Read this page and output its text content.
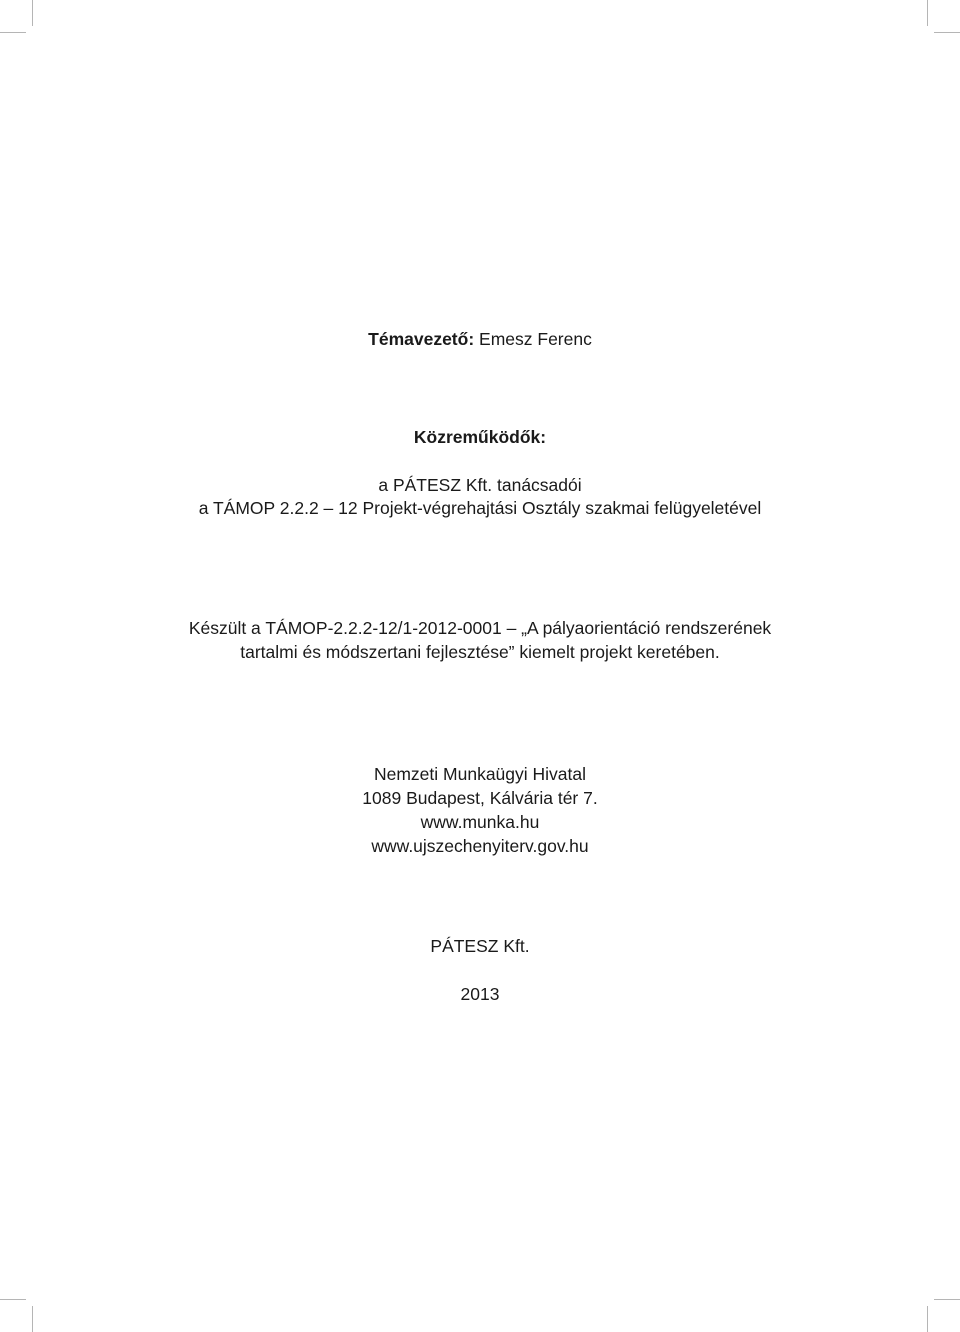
Témavezető: Emesz Ferenc
Közreműködők:
a PÁTESZ Kft. tanácsadói
a TÁMOP 2.2.2 – 12 Projekt-végrehajtási Osztály szakmai felügyeletével
Készült a TÁMOP-2.2.2-12/1-2012-0001 – „A pályaorientáció rendszerének
tartalmi és módszertani fejlesztése” kiemelt projekt keretében.
Nemzeti Munkaügyi Hivatal
1089 Budapest, Kálvária tér 7.
www.munka.hu
www.ujszechenyiterv.gov.hu
PÁTESZ Kft.
2013
